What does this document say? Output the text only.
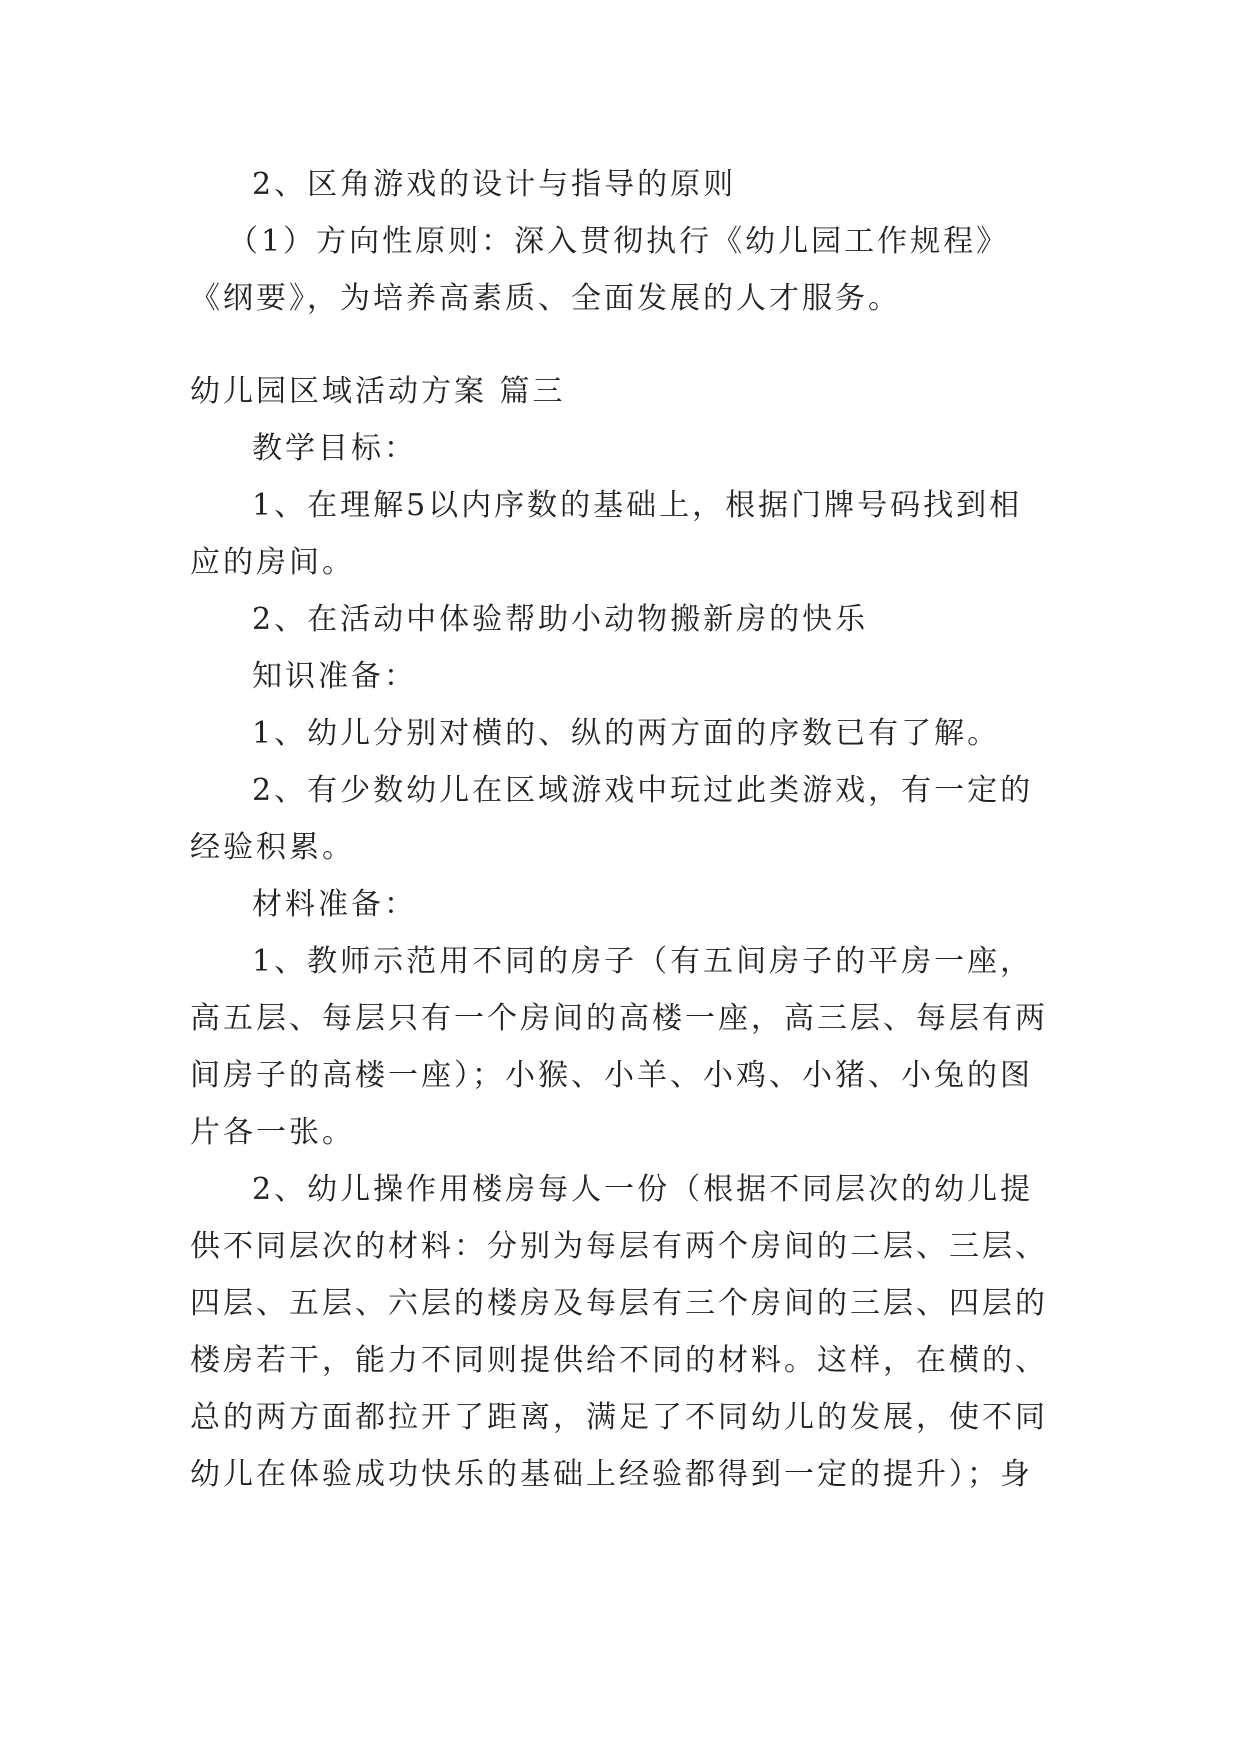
2、区角游戏的设计与指导的原则
（1）方向性原则：深入贯彻执行《幼儿园工作规程》
《纲要》，为培养高素质、全面发展的人才服务。
幼儿园区域活动方案 篇三
教学目标：
1、在理解5以内序数的基础上，根据门牌号码找到相
应的房间。
2、在活动中体验帮助小动物搬新房的快乐
知识准备：
1、幼儿分别对横的、纵的两方面的序数已有了解。
2、有少数幼儿在区域游戏中玩过此类游戏，有一定的
经验积累。
材料准备：
1、教师示范用不同的房子（有五间房子的平房一座，
高五层、每层只有一个房间的高楼一座，高三层、每层有两
间房子的高楼一座）；小猴、小羊、小鸡、小猪、小兔的图
片各一张。
2、幼儿操作用楼房每人一份（根据不同层次的幼儿提
供不同层次的材料：分别为每层有两个房间的二层、三层、
四层、五层、六层的楼房及每层有三个房间的三层、四层的
楼房若干，能力不同则提供给不同的材料。这样，在横的、
总的两方面都拉开了距离，满足了不同幼儿的发展，使不同
幼儿在体验成功快乐的基础上经验都得到一定的提升）；身
